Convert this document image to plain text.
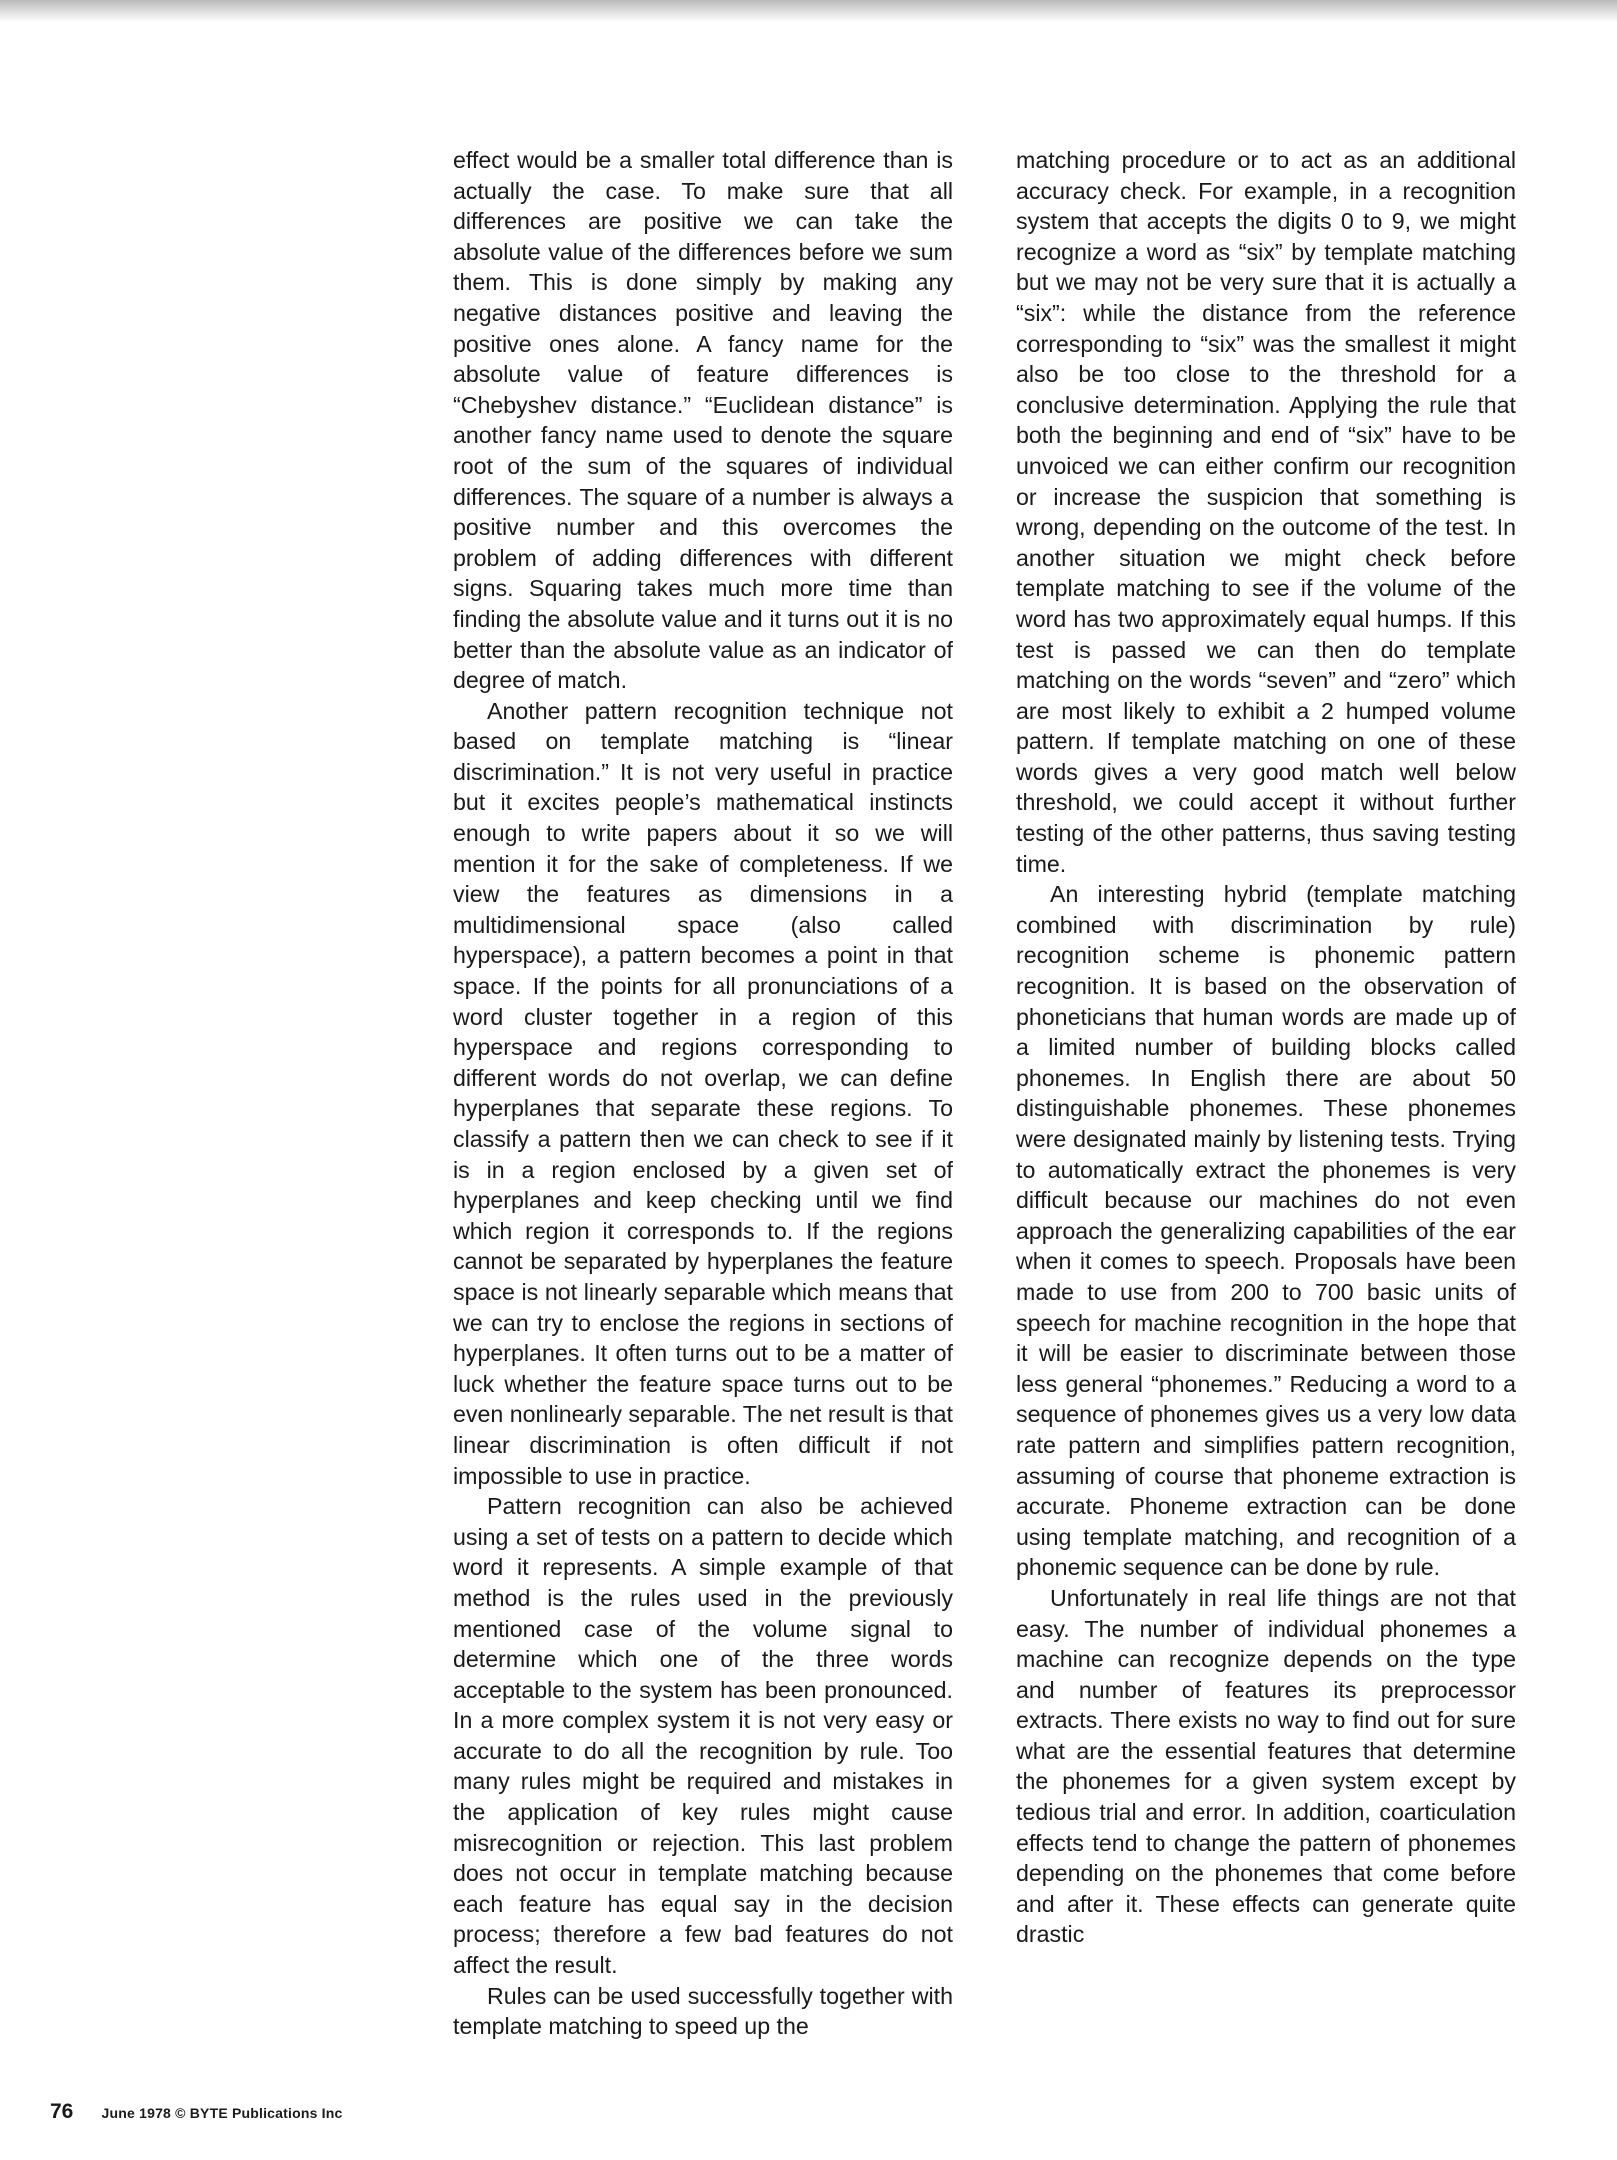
effect would be a smaller total difference than is actually the case. To make sure that all differences are positive we can take the absolute value of the differences before we sum them. This is done simply by making any negative distances positive and leaving the positive ones alone. A fancy name for the absolute value of feature differences is “Chebyshev distance.” “Euclidean distance” is another fancy name used to denote the square root of the sum of the squares of individual differences. The square of a number is always a positive number and this overcomes the problem of adding differences with different signs. Squaring takes much more time than finding the absolute value and it turns out it is no better than the absolute value as an indicator of degree of match.

Another pattern recognition technique not based on template matching is “linear discrimination.” It is not very useful in practice but it excites people’s mathematical instincts enough to write papers about it so we will mention it for the sake of completeness. If we view the features as dimensions in a multidimensional space (also called hyperspace), a pattern becomes a point in that space. If the points for all pronunciations of a word cluster together in a region of this hyperspace and regions corresponding to different words do not overlap, we can define hyperplanes that separate these regions. To classify a pattern then we can check to see if it is in a region enclosed by a given set of hyperplanes and keep checking until we find which region it corresponds to. If the regions cannot be separated by hyperplanes the feature space is not linearly separable which means that we can try to enclose the regions in sections of hyperplanes. It often turns out to be a matter of luck whether the feature space turns out to be even nonlinearly separable. The net result is that linear discrimination is often difficult if not impossible to use in practice.

Pattern recognition can also be achieved using a set of tests on a pattern to decide which word it represents. A simple example of that method is the rules used in the previously mentioned case of the volume signal to determine which one of the three words acceptable to the system has been pronounced. In a more complex system it is not very easy or accurate to do all the recognition by rule. Too many rules might be required and mistakes in the application of key rules might cause misrecognition or rejection. This last problem does not occur in template matching because each feature has equal say in the decision process; therefore a few bad features do not affect the result.

Rules can be used successfully together with template matching to speed up the

matching procedure or to act as an additional accuracy check. For example, in a recognition system that accepts the digits 0 to 9, we might recognize a word as “six” by template matching but we may not be very sure that it is actually a “six”: while the distance from the reference corresponding to “six” was the smallest it might also be too close to the threshold for a conclusive determination. Applying the rule that both the beginning and end of “six” have to be unvoiced we can either confirm our recognition or increase the suspicion that something is wrong, depending on the outcome of the test. In another situation we might check before template matching to see if the volume of the word has two approximately equal humps. If this test is passed we can then do template matching on the words “seven” and “zero” which are most likely to exhibit a 2 humped volume pattern. If template matching on one of these words gives a very good match well below threshold, we could accept it without further testing of the other patterns, thus saving testing time.

An interesting hybrid (template matching combined with discrimination by rule) recognition scheme is phonemic pattern recognition. It is based on the observation of phoneticians that human words are made up of a limited number of building blocks called phonemes. In English there are about 50 distinguishable phonemes. These phonemes were designated mainly by listening tests. Trying to automatically extract the phonemes is very difficult because our machines do not even approach the generalizing capabilities of the ear when it comes to speech. Proposals have been made to use from 200 to 700 basic units of speech for machine recognition in the hope that it will be easier to discriminate between those less general “phonemes.” Reducing a word to a sequence of phonemes gives us a very low data rate pattern and simplifies pattern recognition, assuming of course that phoneme extraction is accurate. Phoneme extraction can be done using template matching, and recognition of a phonemic sequence can be done by rule.

Unfortunately in real life things are not that easy. The number of individual phonemes a machine can recognize depends on the type and number of features its preprocessor extracts. There exists no way to find out for sure what are the essential features that determine the phonemes for a given system except by tedious trial and error. In addition, coarticulation effects tend to change the pattern of phonemes depending on the phonemes that come before and after it. These effects can generate quite drastic

76 June 1978 © BYTE Publications Inc
